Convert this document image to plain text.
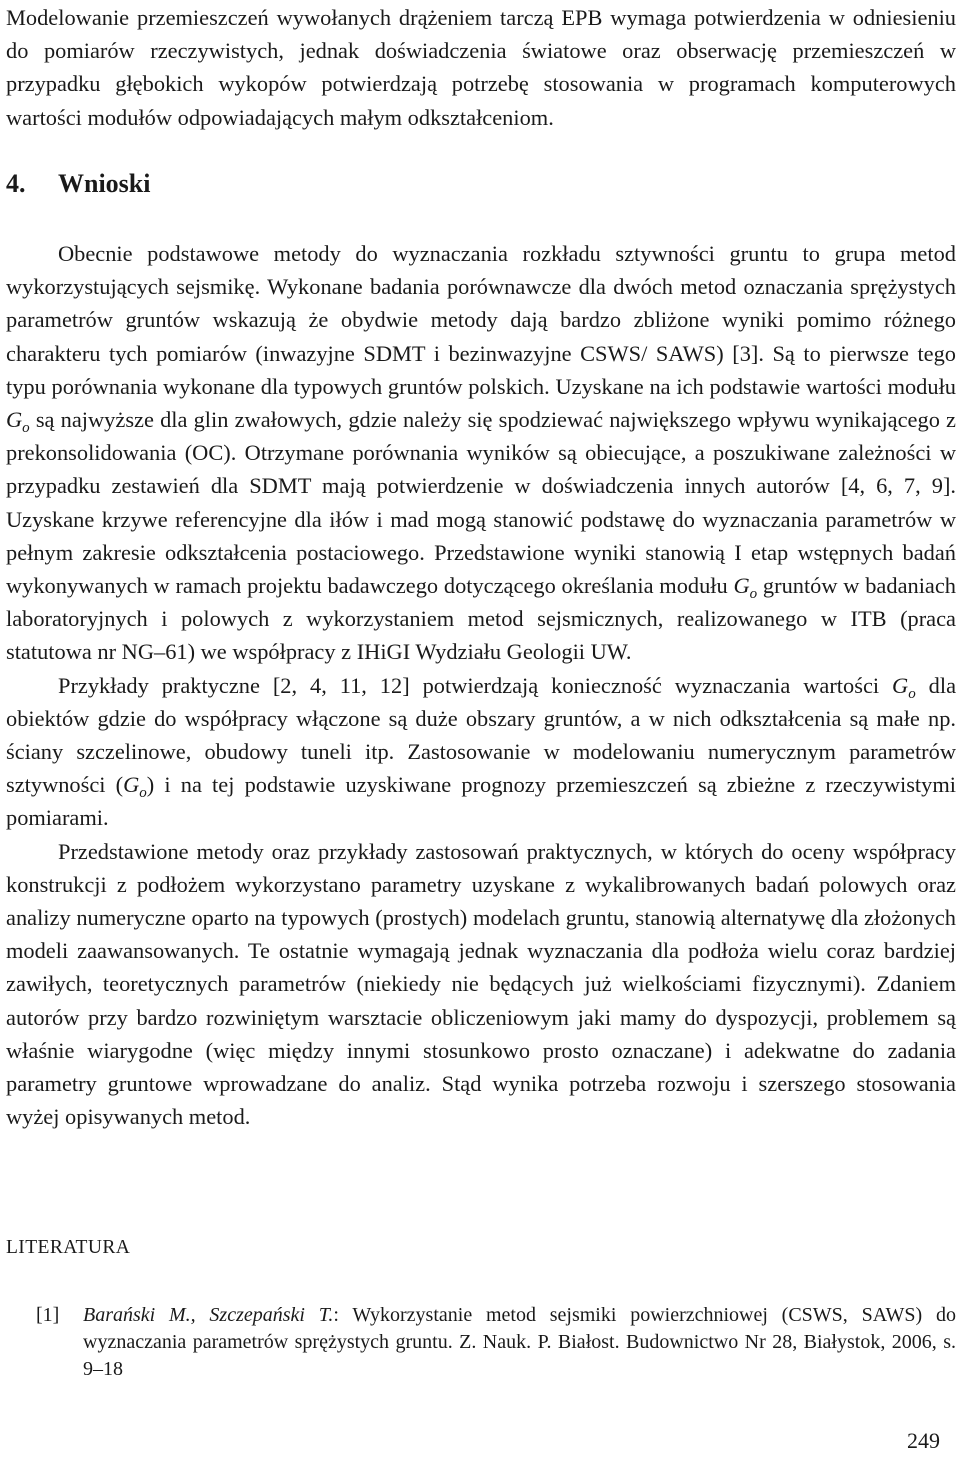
Modelowanie przemieszczeń wywołanych drążeniem tarczą EPB wymaga potwierdzenia w odniesieniu do pomiarów rzeczywistych, jednak doświadczenia światowe oraz obserwację przemieszczeń w przypadku głębokich wykopów potwierdzają potrzebę stosowania w programach komputerowych wartości modułów odpowiadających małym odkształceniom.

4. Wnioski

Obecnie podstawowe metody do wyznaczania rozkładu sztywności gruntu to grupa metod wykorzystujących sejsmikę. Wykonane badania porównawcze dla dwóch metod oznaczania sprężystych parametrów gruntów wskazują że obydwie metody dają bardzo zbliżone wyniki pomimo różnego charakteru tych pomiarów (inwazyjne SDMT i bezinwazyjne CSWS/ SAWS) [3]. Są to pierwsze tego typu porównania wykonane dla typowych gruntów polskich. Uzyskane na ich podstawie wartości modułu $G_o$ są najwyższe dla glin zwałowych, gdzie należy się spodziewać największego wpływu wynikającego z prekonsolidowania (OC). Otrzymane porównania wyników są obiecujące, a poszukiwane zależności w przypadku zestawień dla SDMT mają potwierdzenie w doświadczenia innych autorów [4, 6, 7, 9]. Uzyskane krzywe referencyjne dla iłów i mad mogą stanowić podstawę do wyznaczania parametrów w pełnym zakresie odkształcenia postaciowego. Przedstawione wyniki stanowią I etap wstępnych badań wykonywanych w ramach projektu badawczego dotyczącego określania modułu $G_o$ gruntów w badaniach laboratoryjnych i polowych z wykorzystaniem metod sejsmicznych, realizowanego w ITB (praca statutowa nr NG–61) we współpracy z IHiGI Wydziału Geologii UW.

Przykłady praktyczne [2, 4, 11, 12] potwierdzają konieczność wyznaczania wartości $G_o$ dla obiektów gdzie do współpracy włączone są duże obszary gruntów, a w nich odkształcenia są małe np. ściany szczelinowe, obudowy tuneli itp. Zastosowanie w modelowaniu numerycznym parametrów sztywności $(G_o)$ i na tej podstawie uzyskiwane prognozy przemieszczeń są zbieżne z rzeczywistymi pomiarami.

Przedstawione metody oraz przykłady zastosowań praktycznych, w których do oceny współpracy konstrukcji z podłożem wykorzystano parametry uzyskane z wykalibrowanych badań polowych oraz analizy numeryczne oparto na typowych (prostych) modelach gruntu, stanowią alternatywę dla złożonych modeli zaawansowanych. Te ostatnie wymagają jednak wyznaczania dla podłoża wielu coraz bardziej zawiłych, teoretycznych parametrów (niekiedy nie będących już wielkościami fizycznymi). Zdaniem autorów przy bardzo rozwiniętym warsztacie obliczeniowym jaki mamy do dyspozycji, problemem są właśnie wiarygodne (więc między innymi stosunkowo prosto oznaczane) i adekwatne do zadania parametry gruntowe wprowadzane do analiz. Stąd wynika potrzeba rozwoju i szerszego stosowania wyżej opisywanych metod.

LITERATURA
[1] Barański M., Szczepański T.: Wykorzystanie metod sejsmiki powierzchniowej (CSWS, SAWS) do wyznaczania parametrów sprężystych gruntu. Z. Nauk. P. Białost. Budownictwo Nr 28, Białystok, 2006, s. 9–18
249
